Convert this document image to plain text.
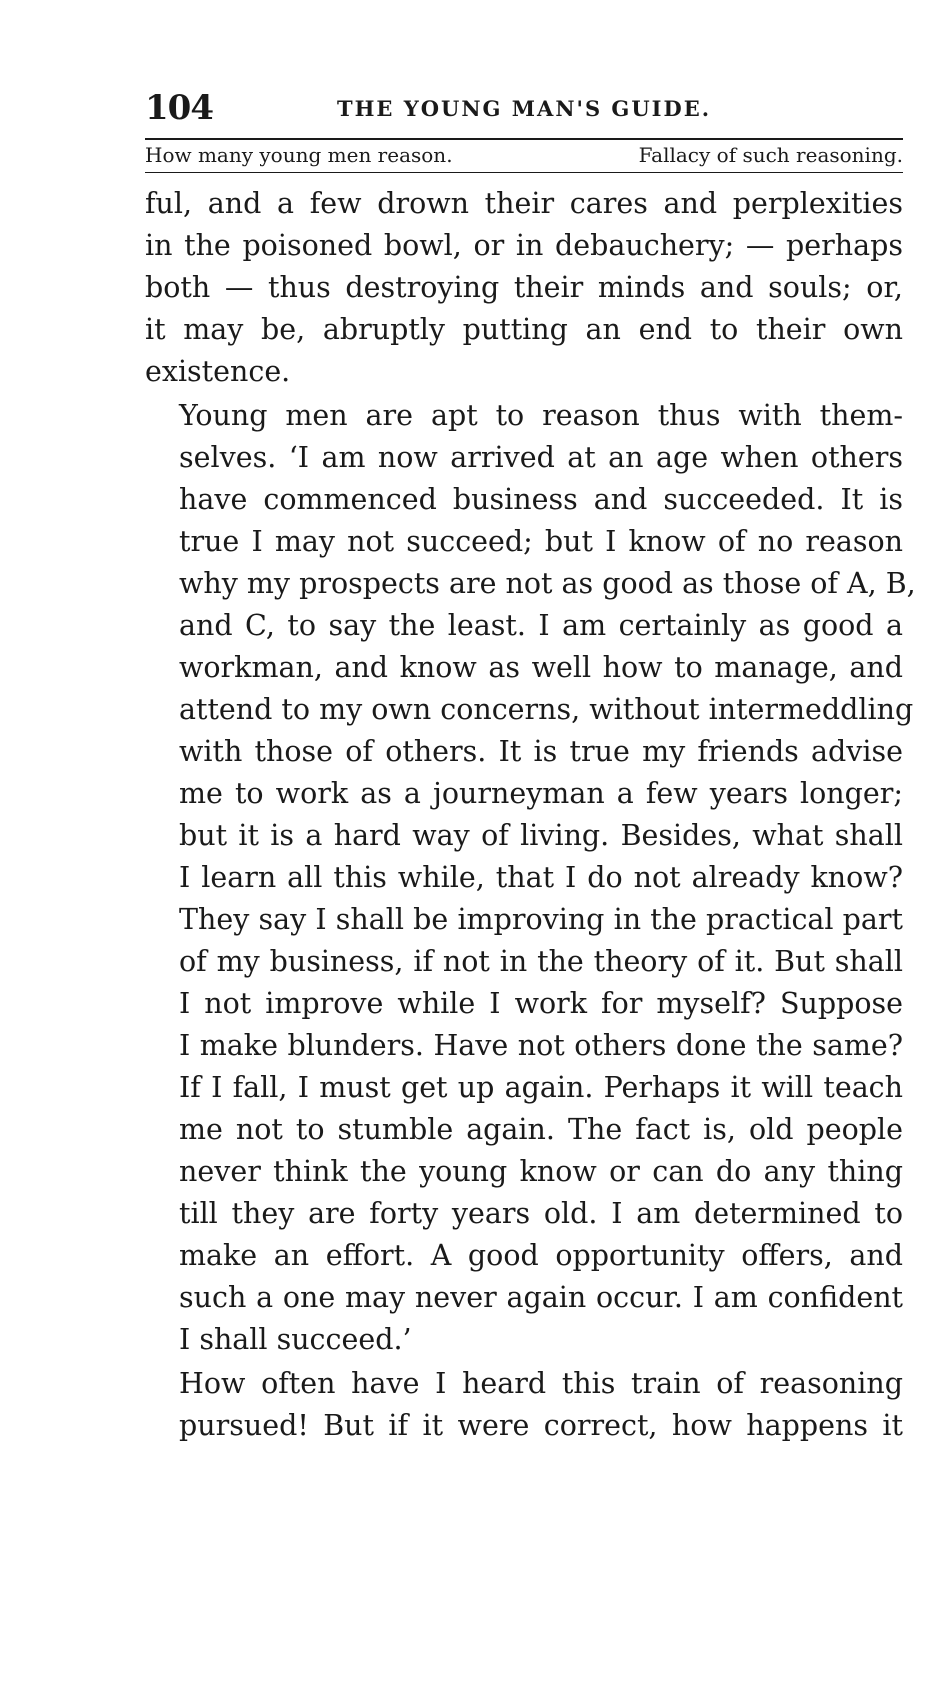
104	THE YOUNG MAN'S GUIDE.
How many young men reason.	Fallacy of such reasoning.

ful, and a few drown their cares and perplexities
in the poisoned bowl, or in debauchery; — perhaps
both — thus destroying their minds and souls; or,
it may be, abruptly putting an end to their own
existence.

Young men are apt to reason thus with them-
selves. ‘I am now arrived at an age when others
have commenced business and succeeded. It is
true I may not succeed; but I know of no reason
why my prospects are not as good as those of A, B,
and C, to say the least. I am certainly as good a
workman, and know as well how to manage, and
attend to my own concerns, without intermeddling
with those of others. It is true my friends advise
me to work as a journeyman a few years longer;
but it is a hard way of living. Besides, what shall
I learn all this while, that I do not already know?
They say I shall be improving in the practical part
of my business, if not in the theory of it. But shall
I not improve while I work for myself? Suppose
I make blunders. Have not others done the same?
If I fall, I must get up again. Perhaps it will teach
me not to stumble again. The fact is, old people
never think the young know or can do any thing
till they are forty years old. I am determined to
make an effort. A good opportunity offers, and
such a one may never again occur. I am confident
I shall succeed.’

How often have I heard this train of reasoning
pursued! But if it were correct, how happens it
